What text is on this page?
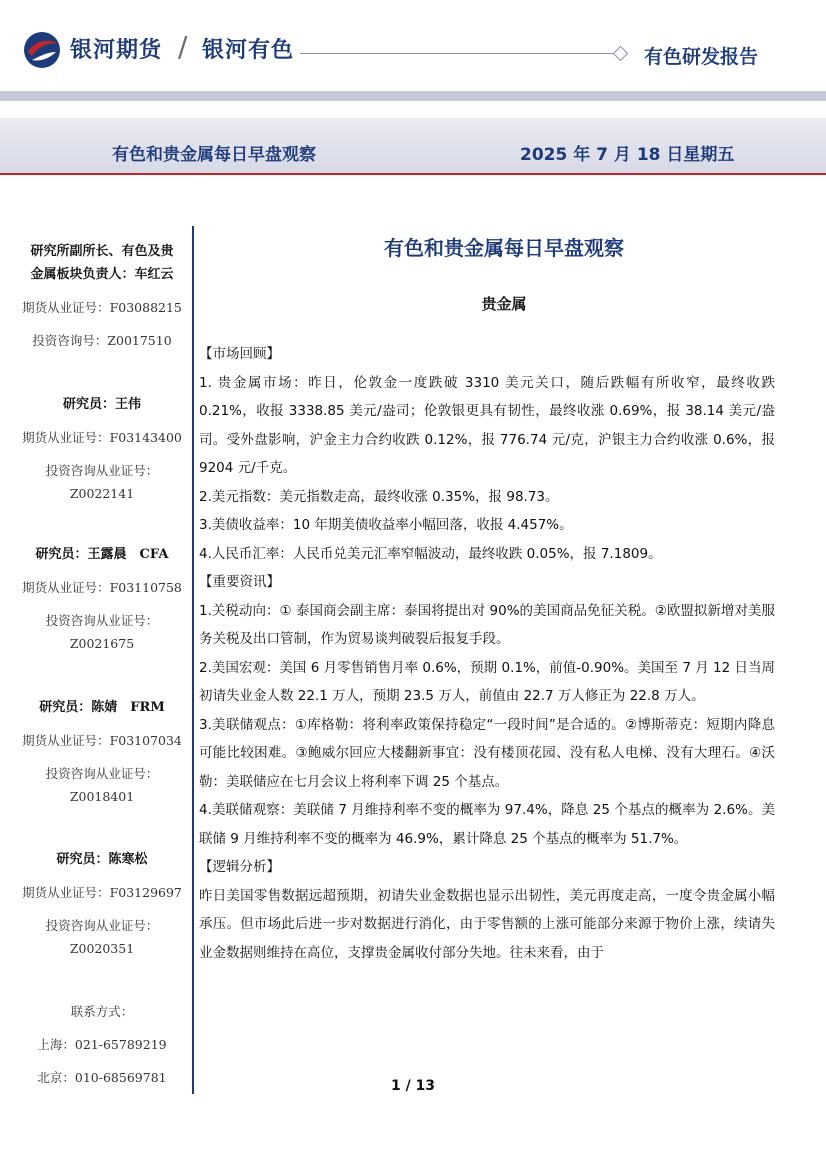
银河期货 / 银河有色	有色研发报告
有色和贵金属每日早盘观察	2025 年 7 月 18 日星期五
研究所副所长、有色及贵
金属板块负责人：车红云
期货从业证号：F03088215
投资咨询号：Z0017510
研究员：王伟
期货从业证号：F03143400
投资咨询从业证号：
Z0022141
研究员：王露晨　CFA
期货从业证号：F03110758
投资咨询从业证号：
Z0021675
研究员：陈婧　FRM
期货从业证号：F03107034
投资咨询从业证号：
Z0018401
研究员：陈寒松
期货从业证号：F03129697
投资咨询从业证号：
Z0020351
联系方式：
上海：021-65789219
北京：010-68569781
有色和贵金属每日早盘观察
贵金属

【市场回顾】

1. 贵金属市场：昨日，伦敦金一度跌破 3310 美元关口，随后跌幅有所收窄，最终收跌 0.21%，收报 3338.85 美元/盎司；伦敦银更具有韧性，最终收涨 0.69%，报 38.14 美元/盎司。受外盘影响，沪金主力合约收跌 0.12%，报 776.74 元/克，沪银主力合约收涨 0.6%，报 9204 元/千克。

2.美元指数：美元指数走高，最终收涨 0.35%，报 98.73。

3.美债收益率：10 年期美债收益率小幅回落，收报 4.457%。

4.人民币汇率：人民币兑美元汇率窄幅波动，最终收跌 0.05%，报 7.1809。

【重要资讯】

1.关税动向：① 泰国商会副主席：泰国将提出对 90%的美国商品免征关税。②欧盟拟新增对美服务关税及出口管制，作为贸易谈判破裂后报复手段。

2.美国宏观：美国 6 月零售销售月率 0.6%，预期 0.1%，前值-0.90%。美国至 7 月 12 日当周初请失业金人数 22.1 万人，预期 23.5 万人，前值由 22.7 万人修正为 22.8 万人。

3.美联储观点：①库格勒：将利率政策保持稳定“一段时间”是合适的。②博斯蒂克：短期内降息可能比较困难。③鲍威尔回应大楼翻新事宜：没有楼顶花园、没有私人电梯、没有大理石。④沃勒：美联储应在七月会议上将利率下调 25 个基点。

4.美联储观察：美联储 7 月维持利率不变的概率为 97.4%，降息 25 个基点的概率为 2.6%。美联储 9 月维持利率不变的概率为 46.9%，累计降息 25 个基点的概率为 51.7%。

【逻辑分析】

昨日美国零售数据远超预期，初请失业金数据也显示出韧性，美元再度走高，一度令贵金属小幅承压。但市场此后进一步对数据进行消化，由于零售额的上涨可能部分来源于物价上涨，续请失业金数据则维持在高位，支撑贵金属收付部分失地。往未来看，由于

1 / 13
